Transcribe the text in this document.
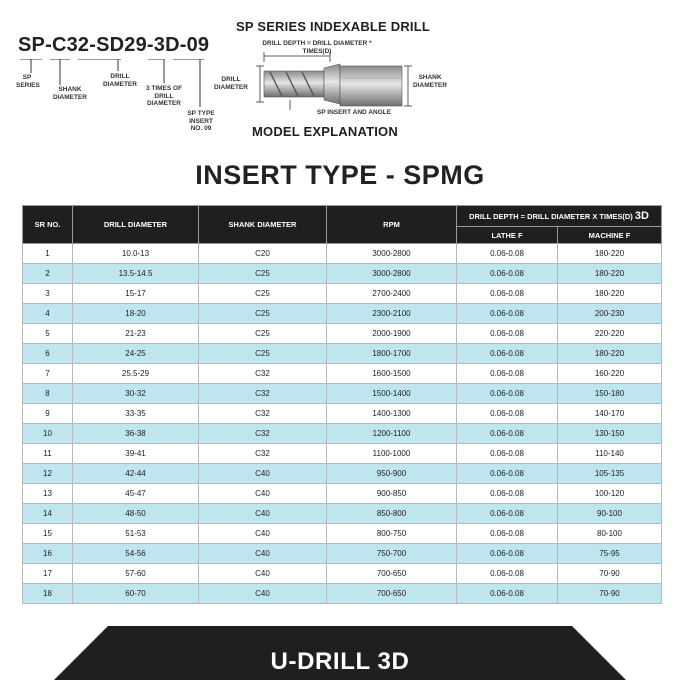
SP-C32-SD29-3D-09
SP SERIES
SHANK DIAMETER
DRILL DIAMETER
3 TIMES OF DRILL DIAMETER
SP TYPE INSERT NO. 09
SP SERIES INDEXABLE DRILL
DRILL DEPTH = DRILL DIAMETER * TIMES(D)
DRILL DIAMETER
SHANK DIAMETER
SP INSERT AND ANGLE
MODEL EXPLANATION
INSERT TYPE - SPMG
SR NO.	DRILL DIAMETER	SHANK DIAMETER	RPM	DRILL DEPTH = DRILL DIAMETER X TIMES(D) 3D	
				LATHE F	MACHINE F
1	10.0-13	C20	3000-2800	0.06-0.08	180-220
2	13.5-14.5	C25	3000-2800	0.06-0.08	180-220
3	15-17	C25	2700-2400	0.06-0.08	180-220
4	18-20	C25	2300-2100	0.06-0.08	200-230
5	21-23	C25	2000-1900	0.06-0.08	220-220
6	24-25	C25	1800-1700	0.06-0.08	180-220
7	25.5-29	C32	1600-1500	0.06-0.08	160-220
8	30-32	C32	1500-1400	0.06-0.08	150-180
9	33-35	C32	1400-1300	0.06-0.08	140-170
10	36-38	C32	1200-1100	0.06-0.08	130-150
11	39-41	C32	1100-1000	0.06-0.08	110-140
12	42-44	C40	950-900	0.06-0.08	105-135
13	45-47	C40	900-850	0.06-0.08	100-120
14	48-50	C40	850-800	0.06-0.08	90-100
15	51-53	C40	800-750	0.06-0.08	80-100
16	54-56	C40	750-700	0.06-0.08	75-95
17	57-60	C40	700-650	0.06-0.08	70-90
18	60-70	C40	700-650	0.06-0.08	70-90
U-DRILL 3D
